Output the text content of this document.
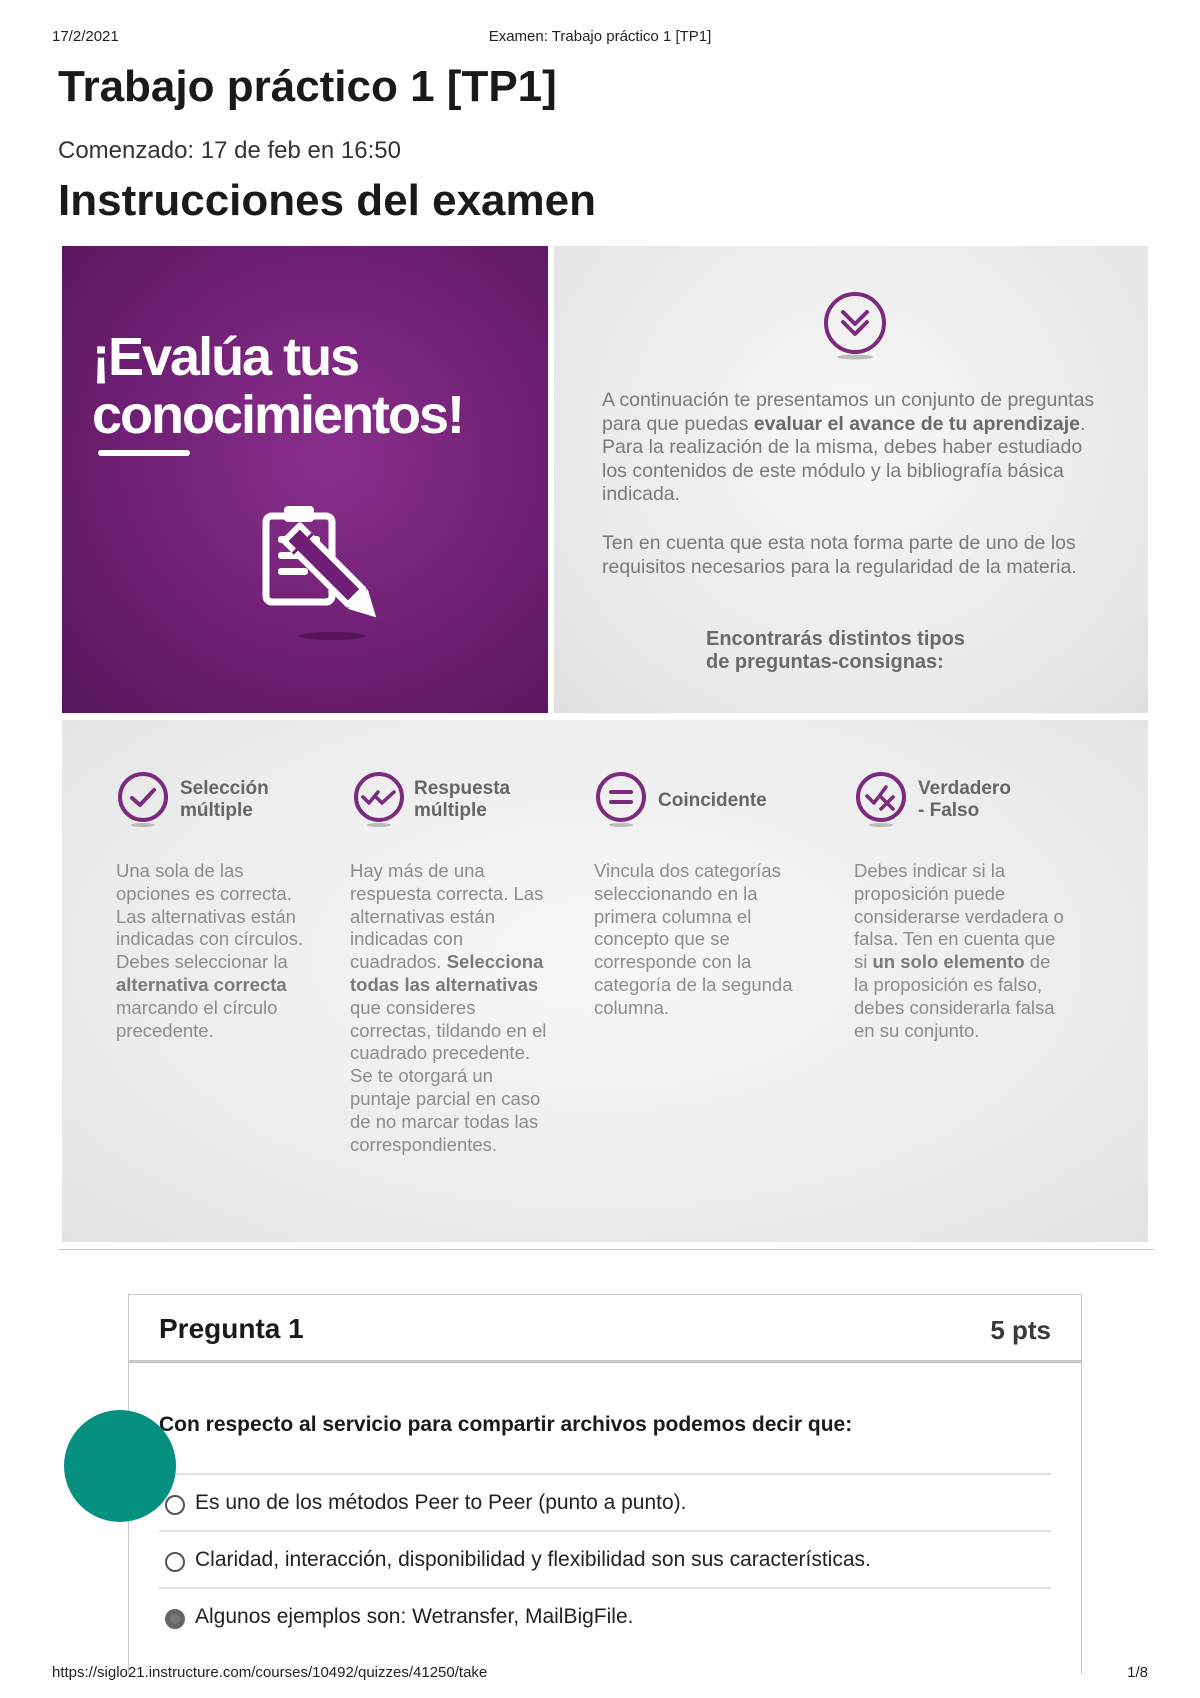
17/2/2021	Examen: Trabajo práctico 1 [TP1]
Trabajo práctico 1 [TP1]
Comenzado: 17 de feb en 16:50
Instrucciones del examen
¡Evalúa tus
conocimientos!	A continuación te presentamos un conjunto de preguntas para que puedas evaluar el avance de tu aprendizaje. Para la realización de la misma, debes haber estudiado los contenidos de este módulo y la bibliografía básica indicada.

Ten en cuenta que esta nota forma parte de uno de los requisitos necesarios para la regularidad de la materia.

Encontrarás distintos tipos
de preguntas-consignas:
Selección
múltiple
Una sola de las opciones es correcta. Las alternativas están indicadas con círculos. Debes seleccionar la alternativa correcta marcando el círculo precedente.
Respuesta
múltiple
Hay más de una respuesta correcta. Las alternativas están indicadas con cuadrados. Selecciona todas las alternativas que consideres correctas, tildando en el cuadrado precedente. Se te otorgará un puntaje parcial en caso de no marcar todas las correspondientes.
Coincidente
Vincula dos categorías seleccionando en la primera columna el concepto que se corresponde con la categoría de la segunda columna.
Verdadero
- Falso
Debes indicar si la proposición puede considerarse verdadera o falsa. Ten en cuenta que si un solo elemento de la proposición es falso, debes considerarla falsa en su conjunto.
Pregunta 1	5 pts
Con respecto al servicio para compartir archivos podemos decir que:
Es uno de los métodos Peer to Peer (punto a punto).
Claridad, interacción, disponibilidad y flexibilidad son sus características.
Algunos ejemplos son: Wetransfer, MailBigFile.
https://siglo21.instructure.com/courses/10492/quizzes/41250/take	1/8
